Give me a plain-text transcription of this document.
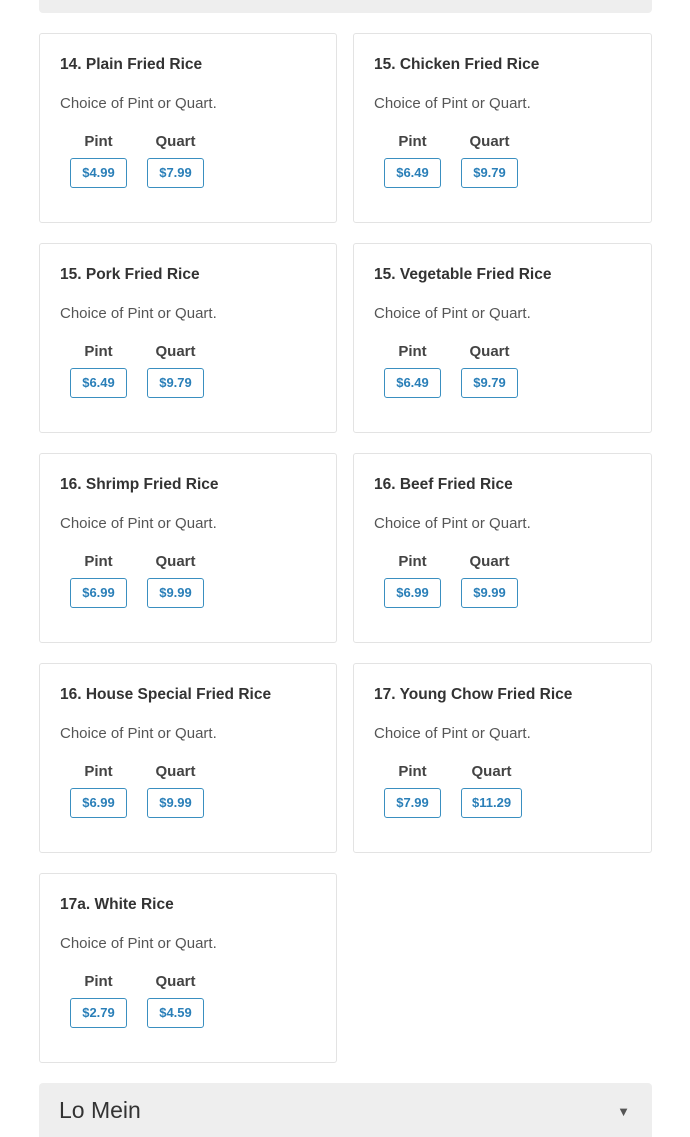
14. Plain Fried Rice
Choice of Pint or Quart.
Pint
$4.99
Quart
$7.99
15. Chicken Fried Rice
Choice of Pint or Quart.
Pint
$6.49
Quart
$9.79
15. Pork Fried Rice
Choice of Pint or Quart.
Pint
$6.49
Quart
$9.79
15. Vegetable Fried Rice
Choice of Pint or Quart.
Pint
$6.49
Quart
$9.79
16. Shrimp Fried Rice
Choice of Pint or Quart.
Pint
$6.99
Quart
$9.99
16. Beef Fried Rice
Choice of Pint or Quart.
Pint
$6.99
Quart
$9.99
16. House Special Fried Rice
Choice of Pint or Quart.
Pint
$6.99
Quart
$9.99
17. Young Chow Fried Rice
Choice of Pint or Quart.
Pint
$7.99
Quart
$11.29
17a. White Rice
Choice of Pint or Quart.
Pint
$2.79
Quart
$4.59
Lo Mein	▼
